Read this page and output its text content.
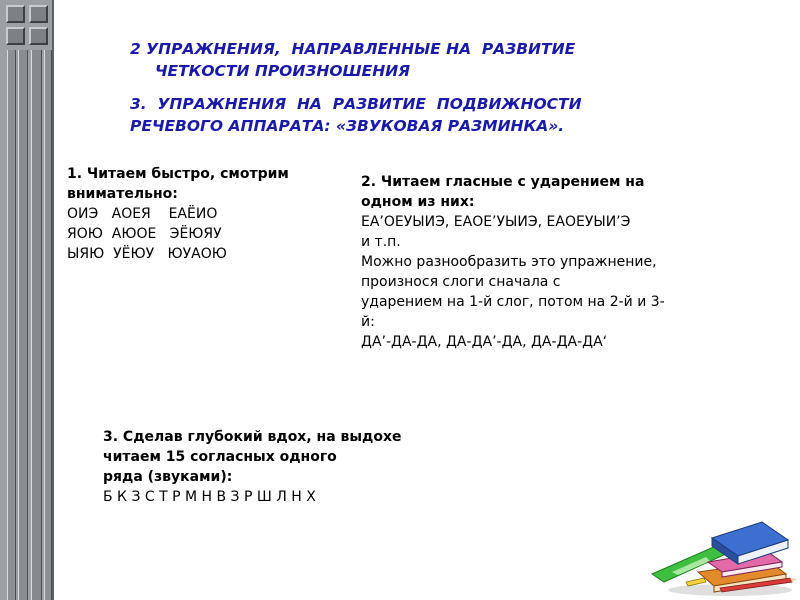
2 УПРАЖНЕНИЯ,  НАПРАВЛЕННЫЕ НА  РАЗВИТИЕ
ЧЕТКОСТИ ПРОИЗНОШЕНИЯ
3.  УПРАЖНЕНИЯ  НА  РАЗВИТИЕ  ПОДВИЖНОСТИ
РЕЧЕВОГО АППАРАТА: «ЗВУКОВАЯ РАЗМИНКА».
1. Читаем быстро, смотрим
внимательно:
ОИЭ   АОЕЯ    ЕАЁИО
ЯОЮ  АЮОЕ   ЭЁЮЯУ
ЫЯЮ  УЁЮУ   ЮУАОЮ
2. Читаем гласные с ударением на
одном из них:
ЕА’ОЕУЫИЭ, ЕАОЕ’УЫИЭ, ЕАОЕУЫИ’Э
и т.п.
Можно разнообразить это упражнение,
произнося слоги сначала с
ударением на 1-й слог, потом на 2-й и 3-
й:
ДА’-ДА-ДА, ДА-ДА’-ДА, ДА-ДА-ДА‘
3. Сделав глубокий вдох, на выдохе
читаем 15 согласных одного
ряда (звуками):
Б К З С Т Р М Н В З Р Ш Л Н Х
